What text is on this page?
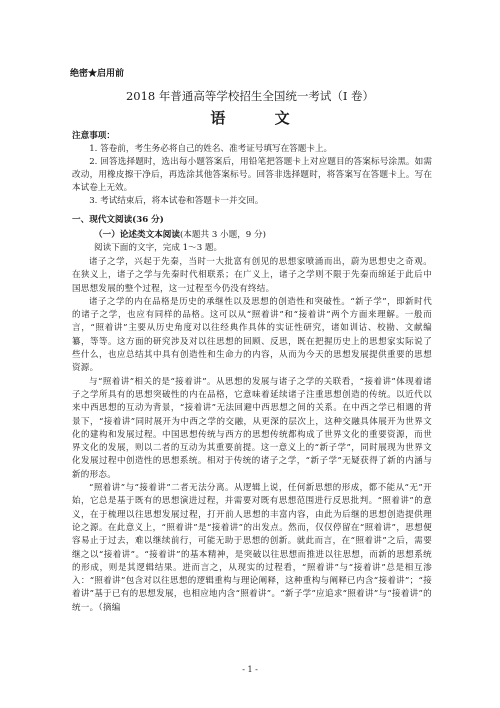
绝密★启用前
2018 年普通高等学校招生全国统一考试（I 卷）
语 文
注意事项：

1. 答卷前，考生务必将自己的姓名、准考证号填写在答题卡上。

2. 回答选择题时，选出每小题答案后，用铅笔把答题卡上对应题目的答案标号涂黑。如需改动，用橡皮擦干净后，再选涂其他答案标号。回答非选择题时，将答案写在答题卡上。写在本试卷上无效。

3. 考试结束后，将本试卷和答题卡一并交回。

一、现代文阅读(36 分)
（一）论述类文本阅读(本题共 3 小题，9 分)
阅读下面的文字，完成 1～3 题。

诸子之学，兴起于先秦，当时一大批富有创见的思想家喷涌而出，蔚为思想史之奇观。在狭义上，诸子之学与先秦时代相联系；在广义上，诸子之学则不限于先秦而绵延于此后中国思想发展的整个过程，这一过程至今仍没有终结。

诸子之学的内在品格是历史的承继性以及思想的创造性和突破性。“新子学”，即新时代的诸子之学，也应有同样的品格。这可以从“照着讲”和“接着讲”两个方面来理解。一般而言，“照着讲”主要从历史角度对以往经典作具体的实证性研究，诸如训诂、校勘、文献编纂，等等。这方面的研究涉及对以往思想的回顾、反思，既在把握历史上的思想家实际说了些什么，也应总结其中具有创造性和生命力的内容，从而为今天的思想发展提供重要的思想资源。

与“照着讲”相关的是“接着讲”。从思想的发展与诸子之学的关联看，“接着讲”体现着诸子之学所具有的思想突破性的内在品格，它意味着延续诸子注重思想创造的传统。以近代以来中西思想的互动为背景，“接着讲”无法回避中西思想之间的关系。在中西之学已相遇的背景下，“接着讲”同时展开为中西之学的交融，从更深的层次上，这种交融具体展开为世界文化的建构和发展过程。中国思想传统与西方的思想传统都构成了世界文化的重要资源，而世界文化的发展，则以二者的互动为其重要前提。这一意义上的“新子学”，同时展现为世界文化发展过程中创造性的思想系统。相对于传统的诸子之学，“新子学”无疑获得了新的内涵与新的形态。

“照着讲”与“接着讲”二者无法分离。从逻辑上说，任何新思想的形成，都不能从“无”开始，它总是基于既有的思想演进过程，并需要对既有思想范围进行反思批判。“照着讲”的意义，在于梳理以往思想发展过程，打开前人思想的丰富内容，由此为后继的思想创造提供理论之源。在此意义上，“照着讲”是“接着讲”的出发点。然而，仅仅停留在“照着讲”，思想便容易止于过去，难以继续前行，可能无助于思想的创新。就此而言，在“照着讲”之后，需要继之以“接着讲”。“接着讲”的基本精神，是突破以往思想而推进以往思想，而新的思想系统的形成，则是其逻辑结果。进而言之，从现实的过程看，“照着讲”与“接着讲”总是相互渗入：“照着讲”包含对以往思想的逻辑重构与理论阐释，这种重构与阐释已内含“接着讲”；“接着讲”基于已有的思想发展，也相应地内含“照着讲”。“新子学”应追求“照着讲”与“接着讲”的统一。（摘编

- 1 -
